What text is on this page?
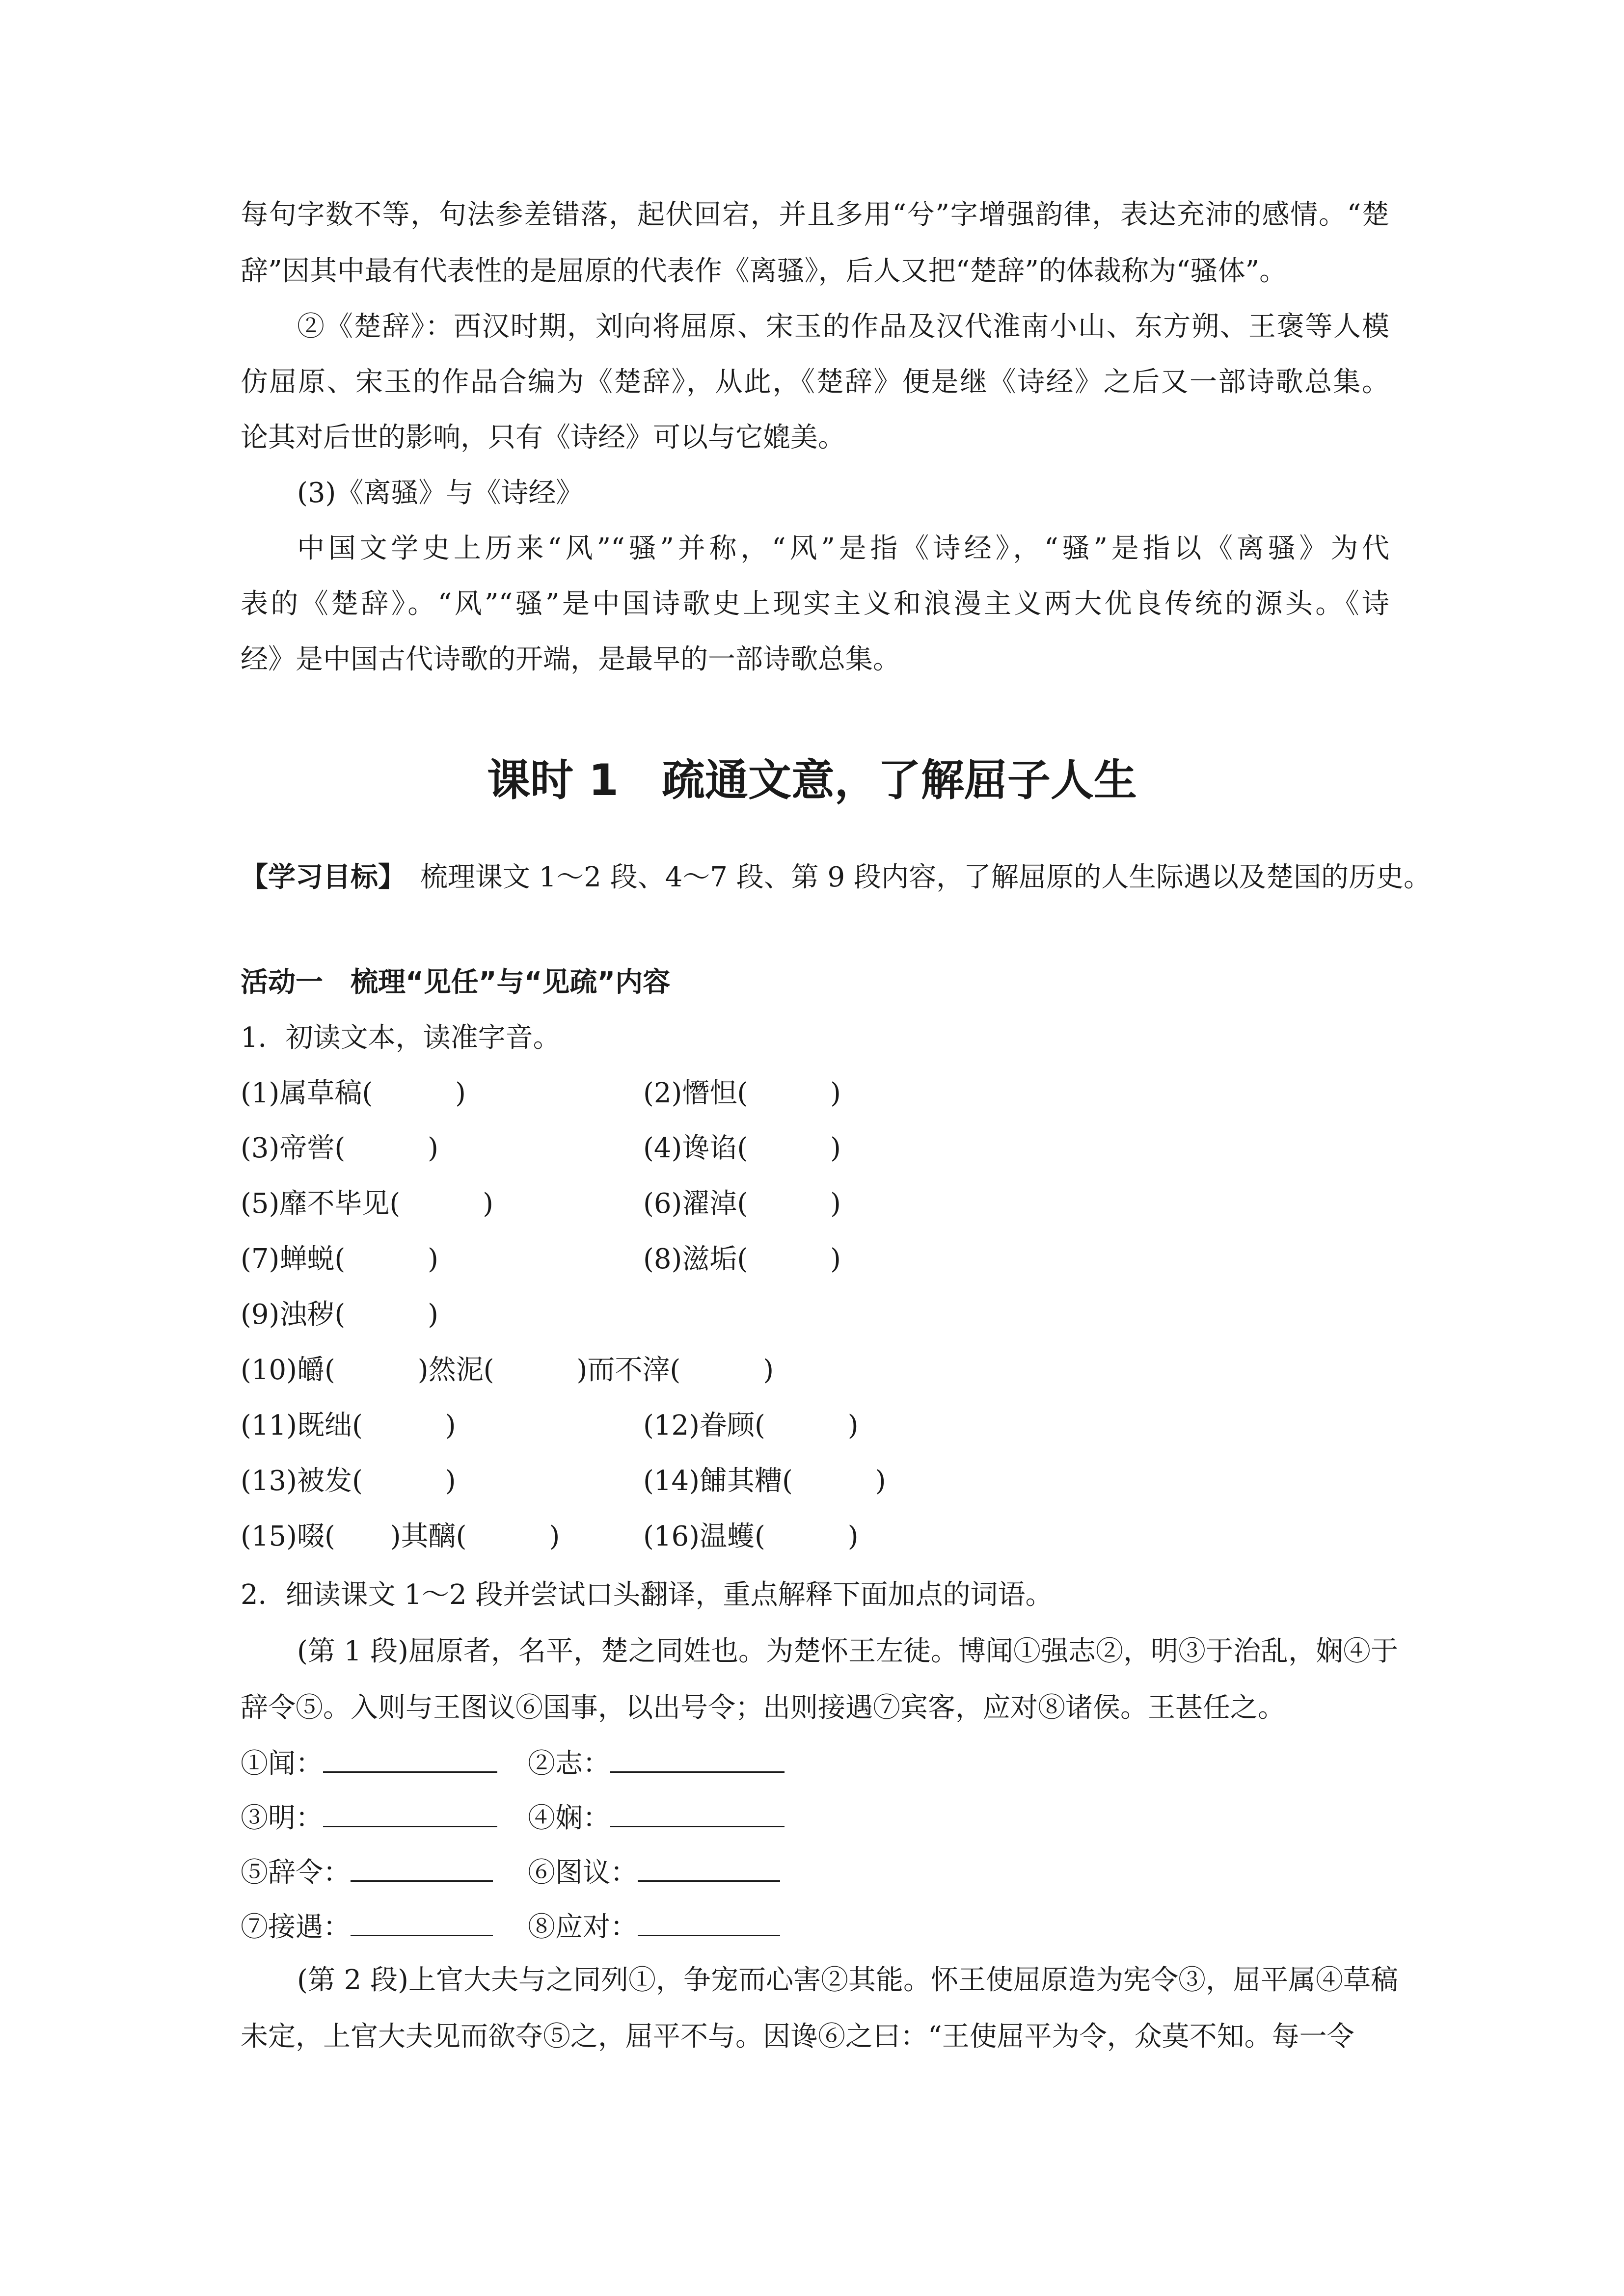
每句字数不等，句法参差错落，起伏回宕，并且多用“兮”字增强韵律，表达充沛的感情。“楚
辞”因其中最有代表性的是屈原的代表作《离骚》，后人又把“楚辞”的体裁称为“骚体”。
②《楚辞》：西汉时期，刘向将屈原、宋玉的作品及汉代淮南小山、东方朔、王褒等人模
仿屈原、宋玉的作品合编为《楚辞》，从此，《楚辞》便是继《诗经》之后又一部诗歌总集。
论其对后世的影响，只有《诗经》可以与它媲美。
(3)《离骚》与《诗经》
中国文学史上历来“风”“骚”并称，“风”是指《诗经》，“骚”是指以《离骚》为代
表的《楚辞》。“风”“骚”是中国诗歌史上现实主义和浪漫主义两大优良传统的源头。《诗
经》是中国古代诗歌的开端，是最早的一部诗歌总集。
课时 1　疏通文意，了解屈子人生
【学习目标】 梳理课文 1～2 段、4～7 段、第 9 段内容，了解屈原的人生际遇以及楚国的历史。
活动一　梳理“见任”与“见疏”内容
1．初读文本，读准字音。
(1)属草稿(　　　)	(2)憯怛(　　　)
(3)帝喾(　　　)	(4)谗谄(　　　)
(5)靡不毕见(　　　)	(6)濯淖(　　　)
(7)蝉蜕(　　　)	(8)滋垢(　　　)
(9)浊秽(　　　)
(10)皭(　　　)然泥(　　　)而不滓(　　　)
(11)既绌(　　　)	(12)眷顾(　　　)
(13)被发(　　　)	(14)餔其糟(　　　)
(15)啜(　　)其醨(　　　)	(16)温蠖(　　　)
2．细读课文 1～2 段并尝试口头翻译，重点解释下面加点的词语。
(第 1 段)屈原者，名平，楚之同姓也。为楚怀王左徒。博闻①强志②，明③于治乱，娴④于
辞令⑤。入则与王图议⑥国事，以出号令；出则接遇⑦宾客，应对⑧诸侯。王甚任之。
①闻：	②志：
③明：	④娴：
⑤辞令：	⑥图议：
⑦接遇：	⑧应对：
(第 2 段)上官大夫与之同列①，争宠而心害②其能。怀王使屈原造为宪令③，屈平属④草稿
未定，上官大夫见而欲夺⑤之，屈平不与。因谗⑥之曰：“王使屈平为令，众莫不知。每一令
